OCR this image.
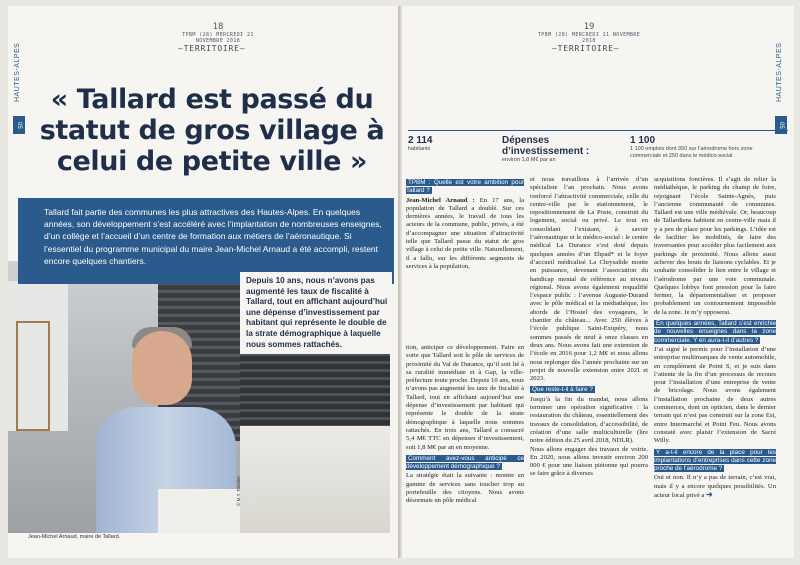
18
TPBM (28) MERCREDI 21 NOVEMBRE 2018
–TERRITOIRE–
HAUTES-ALPES
05
« Tallard est passé du statut de gros village à celui de petite ville »
Tallard fait partie des communes les plus attractives des Hautes-Alpes. En quelques années, son développement s’est accéléré avec l’implantation de nombreuses enseignes, d’un collège et l’accueil d’un centre de formation aux métiers de l’aéronautique. Si l’essentiel du programme municipal du maire Jean-Michel Arnaud a été accompli, restent encore quelques chantiers.
© M.T. Tocchet
Jean-Michel Arnaud, maire de Tallard.
Depuis 10 ans, nous n’avons pas augmenté les taux de fiscalité à Tallard, tout en affichant aujourd’hui une dépense d’investissement par habitant qui représente le double de la strate démographique à laquelle nous sommes rattachés.
19
TPBM (28) MERCREDI 21 NOVEMBRE 2018
–TERRITOIRE–	HAUTES-ALPES
05
2 114
habitants
Dépenses d’investissement :
environ 1,8 M€ par an
1 100
1 100 emplois dont 350 sur l’aérodrome hors zone commerciale et 250 dans le médico-social
TPBM : Quelle est votre ambition pour Tallard ?

Jean-Michel Arnaud : En 17 ans, la population de Tallard a doublé. Sur ces dernières années, le travail de tous les acteurs de la commune, public, privés, a été d’accompagner une situation d’attractivité telle que Tallard passe du statut de gros village à celui de petite ville. Naturellement, il a fallu, sur les différents segments de services à la population,

tion, anticiper ce développement. Faire en sorte que Tallard soit le pôle de services de proximité du Val de Durance, qu’il soit lié à sa ruralité immédiate et à Gap, la ville-préfecture toute proche. Depuis 10 ans, nous n’avons pas augmenté les taux de fiscalité à Tallard, tout en affichant aujourd’hui une dépense d’investissement par habitant qui représente le double de la strate démographique à laquelle nous sommes rattachés. En trois ans, Tallard a consacré 5,4 M€ TTC en dépenses d’investissement, soit 1,8 M€ par an en moyenne.

Comment avez-vous anticipé ce développement démographique ?

La stratégie était la suivante : monter en gamme de services sans toucher trop au portefeuille des citoyens. Nous avons désormais un pôle médical

et nous travaillons à l’arrivée d’un spécialiste l’an prochain. Nous avons renforcé l’attractivité commerciale, celle du centre-ville par le stationnement, le repositionnement de La Poste, construit du logement, social ou privé. Le tout en consolidant l’existant, à savoir l’aéronautique et le médico-social : le centre médical La Durance s’est doté depuis quelques années d’un Ehpad* et le foyer d’accueil médicalisé La Chrysalide monte en puissance, devenant l’association du handicap mental de référence au niveau régional. Nous avons également requalifié l’espace public : l’avenue Auguste-Durand avec le pôle médical et la médiathèque, les abords de l’Hostel des voyageurs, le chantier du château... Avec 250 élèves à l’école publique Saint-Exupéry, nous sommes passés de neuf à onze classes en deux ans. Nous avons fait une extension de l’école en 2016 pour 1,2 M€ et nous allons nous replonger dès l’année prochaine sur un projet de nouvelle extension entre 2021 et 2023.

Que reste-t-il à faire ?

Jusqu’à la fin du mandat, nous allons terminer une opération significative : la restauration du château, essentiellement des travaux de consolidation, d’accessibilité, de création d’une salle multiculturelle (lire notre édition du 25 avril 2018, NDLR).

Nous allons engager des travaux de voirie. En 2020, nous allons investir environ 200 000 € pour une liaison piétonne qui pourra se faire grâce à diverses

acquisitions foncières. Il s’agit de relier la médiathèque, le parking du champ de foire, rejoignant l’école Sainte-Agnès, puis l’ancienne communauté de communes. Tallard est une ville médiévale. Or, beaucoup de Tallardiens habitent en centre-ville mais il y a peu de place pour les parkings. L’idée est de faciliter les mobilités, de faire des traversantes pour accéder plus facilement aux parkings de proximité. Nous allons aussi achever des bouts de liaisons cyclables. Et je souhaite consolider le lien entre le village et l’aérodrome par une voie communale. Quelques lobbys font pression pour la faire fermer, la départementaliser et proposer probablement un contournement impossible de la zone. Je m’y opposerai.

En quelques années, Tallard s’est enrichie de nouvelles enseignes dans la zone commerciale. Y en aura-t-il d’autres ?

J’ai signé le permis pour l’installation d’une entreprise multimarques de vente automobile, en complément de Point S, et je suis dans l’attente de la fin d’un processus de recours pour l’installation d’une entreprise de vente de bricolage. Nous avons également l’installation prochaine de deux autres commerces, dont un opticien, dans le dernier terrain qui n’est pas construit sur la zone Est, entre Intermarché et Point Feu. Nous avons constaté avec plaisir l’extension de Sacré Willy.

Y a-t-il encore de la place pour les implantations d’entreprises dans cette zone proche de l’aérodrome ?

Oui et non. Il n’y a pas de terrain, c’est vrai, mais il y a encore quelques possibilités. Un acteur local privé a ➜
